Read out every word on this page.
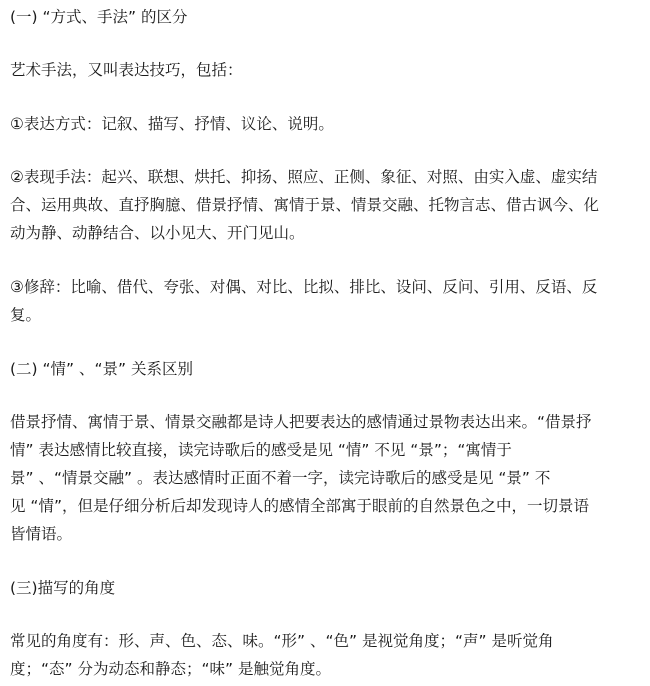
(一) “方式、手法” 的区分
艺术手法，又叫表达技巧，包括：
①表达方式：记叙、描写、抒情、议论、说明。
②表现手法：起兴、联想、烘托、抑扬、照应、正侧、象征、对照、由实入虚、虚实结
合、运用典故、直抒胸臆、借景抒情、寓情于景、情景交融、托物言志、借古讽今、化
动为静、动静结合、以小见大、开门见山。
③修辞：比喻、借代、夸张、对偶、对比、比拟、排比、设问、反问、引用、反语、反
复。
(二) “情” 、“景” 关系区别
借景抒情、寓情于景、情景交融都是诗人把要表达的感情通过景物表达出来。“借景抒
情” 表达感情比较直接，读完诗歌后的感受是见 “情” 不见 “景”；“寓情于
景” 、“情景交融” 。表达感情时正面不着一字，读完诗歌后的感受是见 “景” 不
见 “情”，但是仔细分析后却发现诗人的感情全部寓于眼前的自然景色之中，一切景语
皆情语。
(三)描写的角度
常见的角度有：形、声、色、态、味。“形” 、“色” 是视觉角度；“声” 是听觉角
度；“态” 分为动态和静态；“味” 是触觉角度。
